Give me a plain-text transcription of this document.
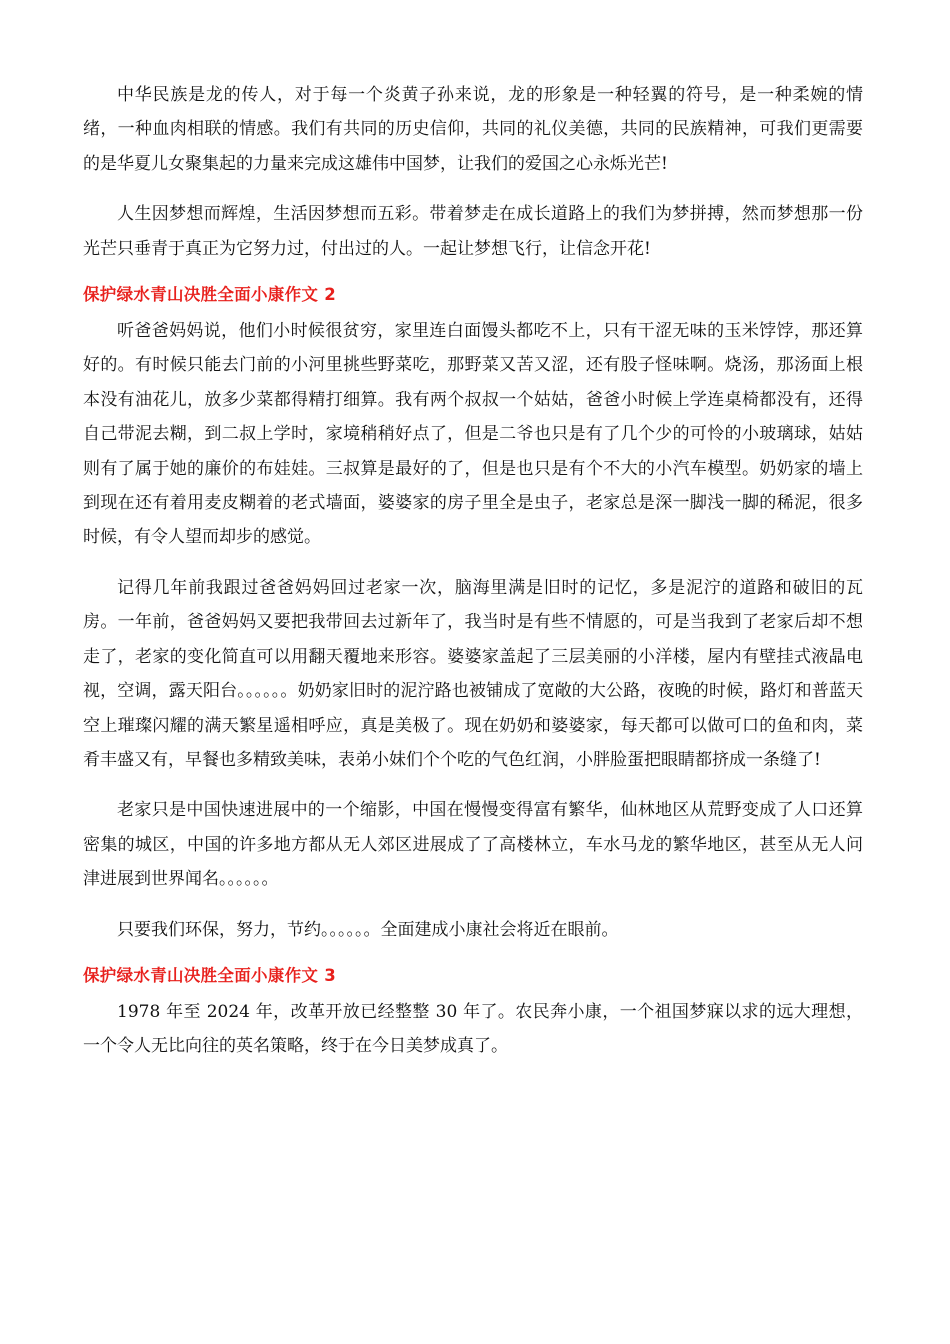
中华民族是龙的传人，对于每一个炎黄子孙来说，龙的形象是一种轻翼的符号，是一种柔婉的情绪，一种血肉相联的情感。我们有共同的历史信仰，共同的礼仪美德，共同的民族精神，可我们更需要的是华夏儿女聚集起的力量来完成这雄伟中国梦，让我们的爱国之心永烁光芒!

人生因梦想而辉煌，生活因梦想而五彩。带着梦走在成长道路上的我们为梦拼搏，然而梦想那一份光芒只垂青于真正为它努力过，付出过的人。一起让梦想飞行，让信念开花!

保护绿水青山决胜全面小康作文 2

听爸爸妈妈说，他们小时候很贫穷，家里连白面馒头都吃不上，只有干涩无味的玉米饽饽，那还算好的。有时候只能去门前的小河里挑些野菜吃，那野菜又苦又涩，还有股子怪味啊。烧汤，那汤面上根本没有油花儿，放多少菜都得精打细算。我有两个叔叔一个姑姑，爸爸小时候上学连桌椅都没有，还得自己带泥去糊，到二叔上学时，家境稍稍好点了，但是二爷也只是有了几个少的可怜的小玻璃球，姑姑则有了属于她的廉价的布娃娃。三叔算是最好的了，但是也只是有个不大的小汽车模型。奶奶家的墙上到现在还有着用麦皮糊着的老式墙面，婆婆家的房子里全是虫子，老家总是深一脚浅一脚的稀泥，很多时候，有令人望而却步的感觉。

记得几年前我跟过爸爸妈妈回过老家一次，脑海里满是旧时的记忆，多是泥泞的道路和破旧的瓦房。一年前，爸爸妈妈又要把我带回去过新年了，我当时是有些不情愿的，可是当我到了老家后却不想走了，老家的变化简直可以用翻天覆地来形容。婆婆家盖起了三层美丽的小洋楼，屋内有壁挂式液晶电视，空调，露天阳台。。。。。。奶奶家旧时的泥泞路也被铺成了宽敞的大公路，夜晚的时候，路灯和普蓝天空上璀璨闪耀的满天繁星遥相呼应，真是美极了。现在奶奶和婆婆家，每天都可以做可口的鱼和肉，菜肴丰盛又有，早餐也多精致美味，表弟小妹们个个吃的气色红润，小胖脸蛋把眼睛都挤成一条缝了!

老家只是中国快速进展中的一个缩影，中国在慢慢变得富有繁华，仙林地区从荒野变成了人口还算密集的城区，中国的许多地方都从无人郊区进展成了了高楼林立，车水马龙的繁华地区，甚至从无人问津进展到世界闻名。。。。。。

只要我们环保，努力，节约。。。。。。全面建成小康社会将近在眼前。

保护绿水青山决胜全面小康作文 3

1978 年至 2024 年，改革开放已经整整 30 年了。农民奔小康，一个祖国梦寐以求的远大理想，一个令人无比向往的英名策略，终于在今日美梦成真了。
